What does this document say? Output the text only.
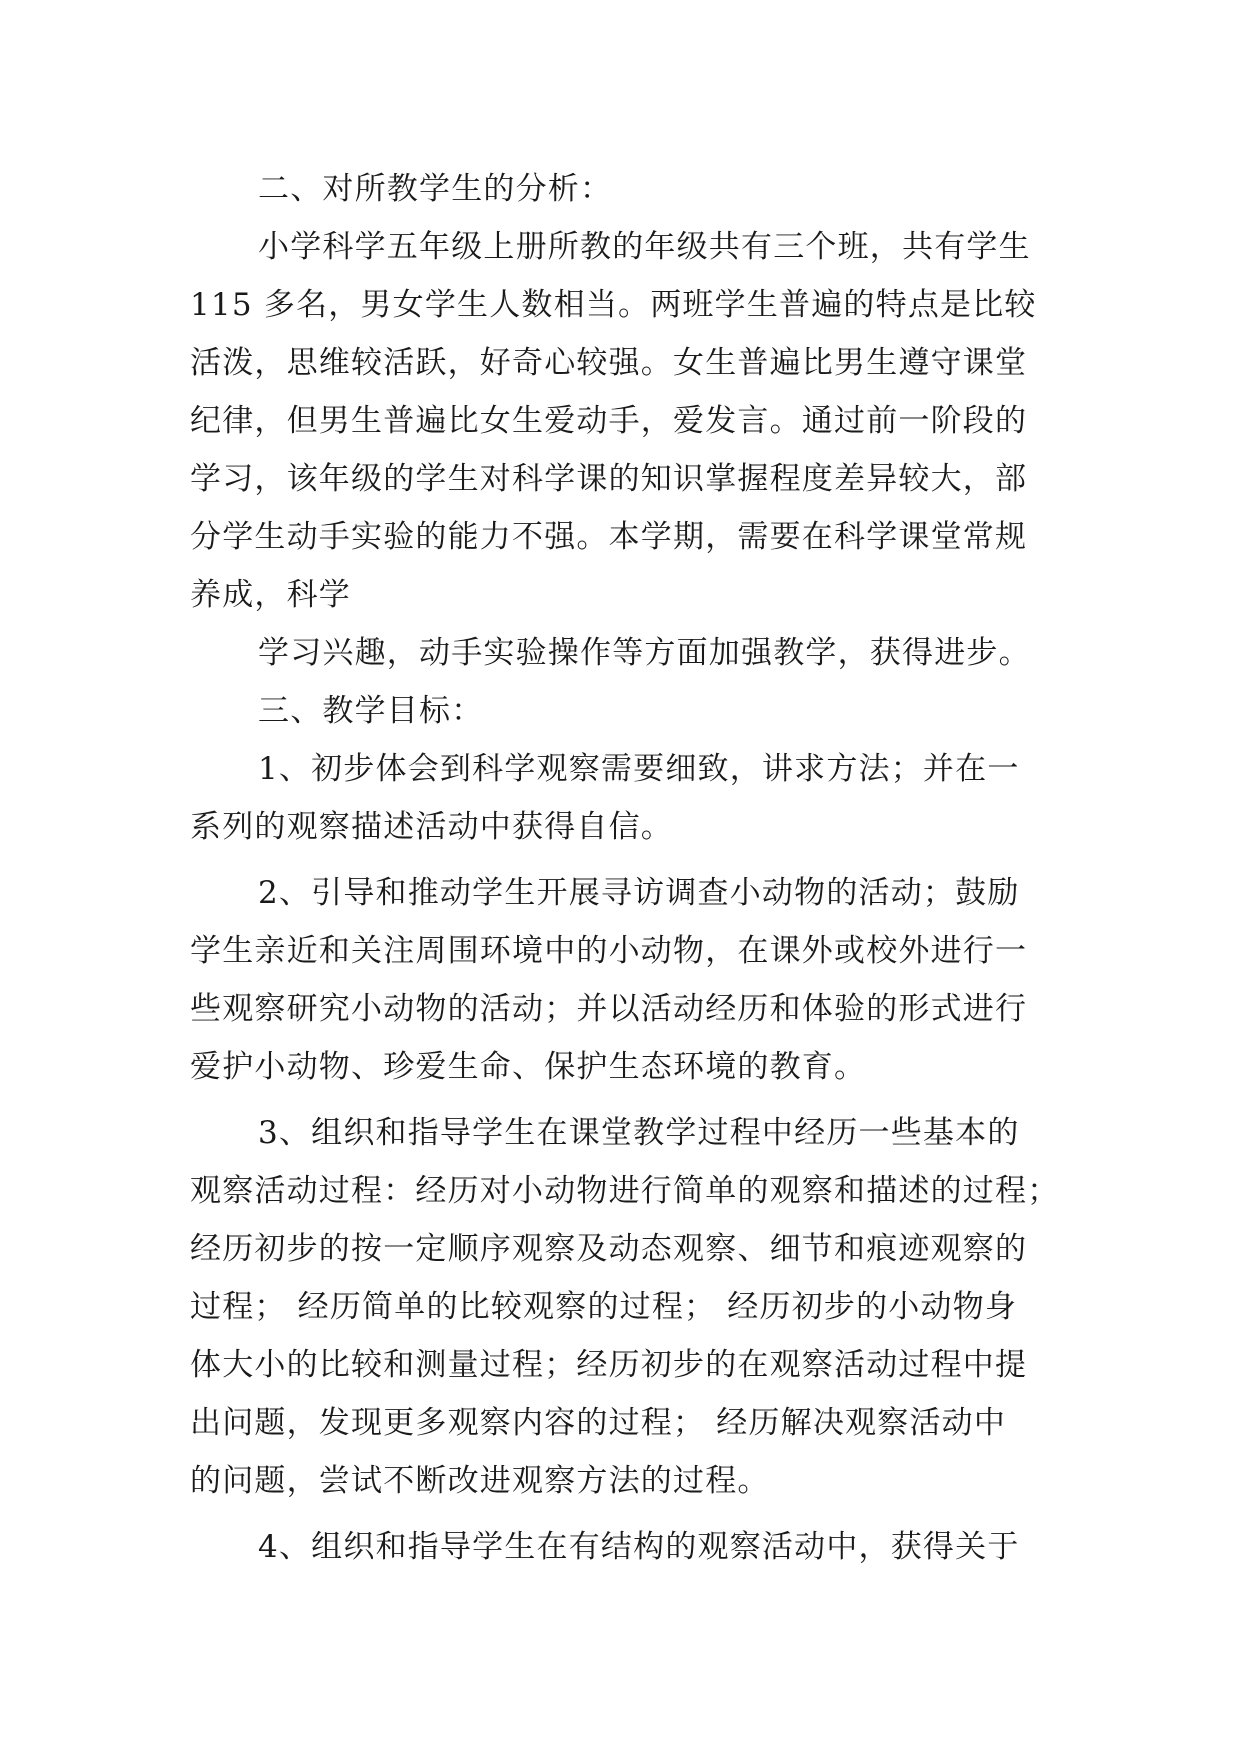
二、对所教学生的分析：
小学科学五年级上册所教的年级共有三个班，共有学生
115 多名，男女学生人数相当。两班学生普遍的特点是比较
活泼，思维较活跃，好奇心较强。女生普遍比男生遵守课堂
纪律，但男生普遍比女生爱动手，爱发言。通过前一阶段的
学习，该年级的学生对科学课的知识掌握程度差异较大，部
分学生动手实验的能力不强。本学期，需要在科学课堂常规
养成，科学
学习兴趣，动手实验操作等方面加强教学，获得进步。
三、教学目标：
1、初步体会到科学观察需要细致，讲求方法；并在一
系列的观察描述活动中获得自信。
2、引导和推动学生开展寻访调查小动物的活动；鼓励
学生亲近和关注周围环境中的小动物，在课外或校外进行一
些观察研究小动物的活动；并以活动经历和体验的形式进行
爱护小动物、珍爱生命、保护生态环境的教育。
3、组织和指导学生在课堂教学过程中经历一些基本的
观察活动过程：经历对小动物进行简单的观察和描述的过程；
经历初步的按一定顺序观察及动态观察、细节和痕迹观察的
过程； 经历简单的比较观察的过程； 经历初步的小动物身
体大小的比较和测量过程；经历初步的在观察活动过程中提
出问题，发现更多观察内容的过程； 经历解决观察活动中
的问题，尝试不断改进观察方法的过程。
4、组织和指导学生在有结构的观察活动中，获得关于
